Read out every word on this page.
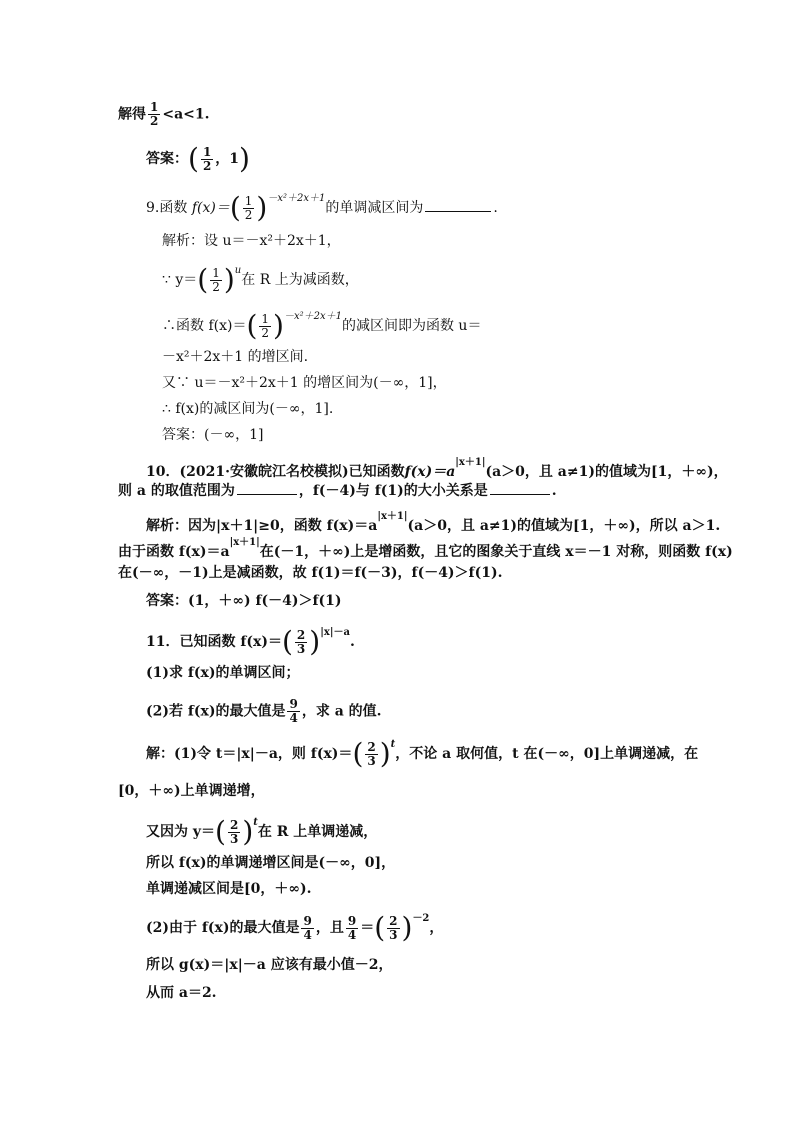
解得 $\frac{1}{2} <a<1$.
答案：( $\frac{1}{2}$ ，1)
9.函数 $f(x)=( \frac{1}{2} )^{-x^2+2x+1}$的单调减区间为	.
解析：设 u＝－x²＋2x＋1，
∵ $y=( \frac{1}{2} )^u$在 R 上为减函数，
∴函数 $f(x)=( \frac{1}{2} )^{-x^2+2x+1}$的减区间即为函数 u＝
－x²＋2x＋1 的增区间.
又∵ u＝－x²＋2x＋1 的增区间为(－∞，1]，
∴ f(x)的减区间为(－∞，1].
答案：(－∞，1]
10．(2021·安徽皖江名校模拟)已知函数$f(x)=a^{|x+1|}(a>0$，且 a≠1)的值域为[1，＋∞)，
则 a 的取值范围为	，f(－4)与 f(1)的大小关系是	.
解析：因为|x＋1|≥0，函数 $f(x)=a^{|x+1|}(a>0$，且 a≠1)的值域为[1，＋∞)，所以 a＞1.
由于函数 $f(x)=a^{|x+1|}$在(－1，＋∞)上是增函数，且它的图象关于直线 x＝－1 对称，则函数 f(x)
在(－∞，－1)上是减函数，故 f(1)＝f(－3)，f(－4)＞f(1).
答案：(1，＋∞) f(－4)＞f(1)
11．已知函数 $f(x)=( \frac{2}{3} )^{|x|-a}$.
(1)求 f(x)的单调区间；
(2)若 f(x)的最大值是 $\frac{9}{4}$ ，求 a 的值.
解：(1)令 t＝|x|－a，则 $f(x)=( \frac{2}{3} )^t$，不论 a 取何值，t 在(－∞，0]上单调递减，在
[0，＋∞)上单调递增，
又因为 $y=( \frac{2}{3} )^t$在 R 上单调递减，
所以 f(x)的单调递增区间是(－∞，0]，
单调递减区间是[0，＋∞).
(2)由于 f(x)的最大值是 $\frac{9}{4}$ ，且 $\frac{9}{4}$ ＝( $\frac{2}{3} )^{-2}$，
所以 g(x)＝|x|－a 应该有最小值－2，
从而 a＝2.
